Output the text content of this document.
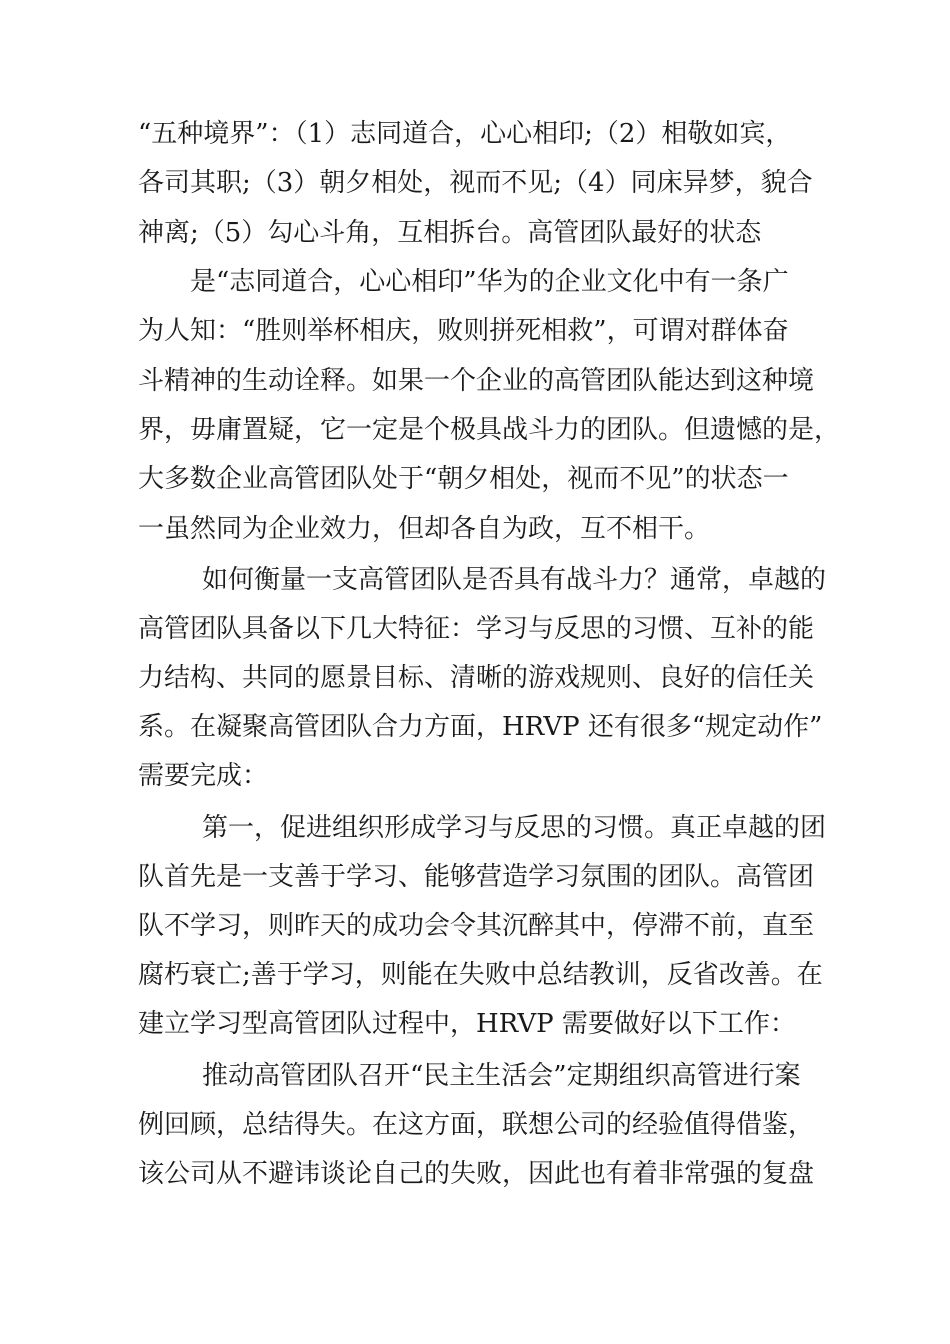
“五种境界”：（1）志同道合，心心相印;（2）相敬如宾，

各司其职;（3）朝夕相处，视而不见;（4）同床异梦，貌合

神离;（5）勾心斗角，互相拆台。高管团队最好的状态

是“志同道合，心心相印”华为的企业文化中有一条广

为人知：“胜则举杯相庆，败则拼死相救”，可谓对群体奋

斗精神的生动诠释。如果一个企业的高管团队能达到这种境

界，毋庸置疑，它一定是个极具战斗力的团队。但遗憾的是，

大多数企业高管团队处于“朝夕相处，视而不见”的状态一

一虽然同为企业效力，但却各自为政，互不相干。

如何衡量一支高管团队是否具有战斗力？通常，卓越的

高管团队具备以下几大特征：学习与反思的习惯、互补的能

力结构、共同的愿景目标、清晰的游戏规则、良好的信任关

系。在凝聚高管团队合力方面，HRVP 还有很多“规定动作”

需要完成：

第一，促进组织形成学习与反思的习惯。真正卓越的团

队首先是一支善于学习、能够营造学习氛围的团队。高管团

队不学习，则昨天的成功会令其沉醉其中，停滞不前，直至

腐朽衰亡;善于学习，则能在失败中总结教训，反省改善。在

建立学习型高管团队过程中，HRVP 需要做好以下工作：

推动高管团队召开“民主生活会”定期组织高管进行案

例回顾，总结得失。在这方面，联想公司的经验值得借鉴，

该公司从不避讳谈论自己的失败，因此也有着非常强的复盘
